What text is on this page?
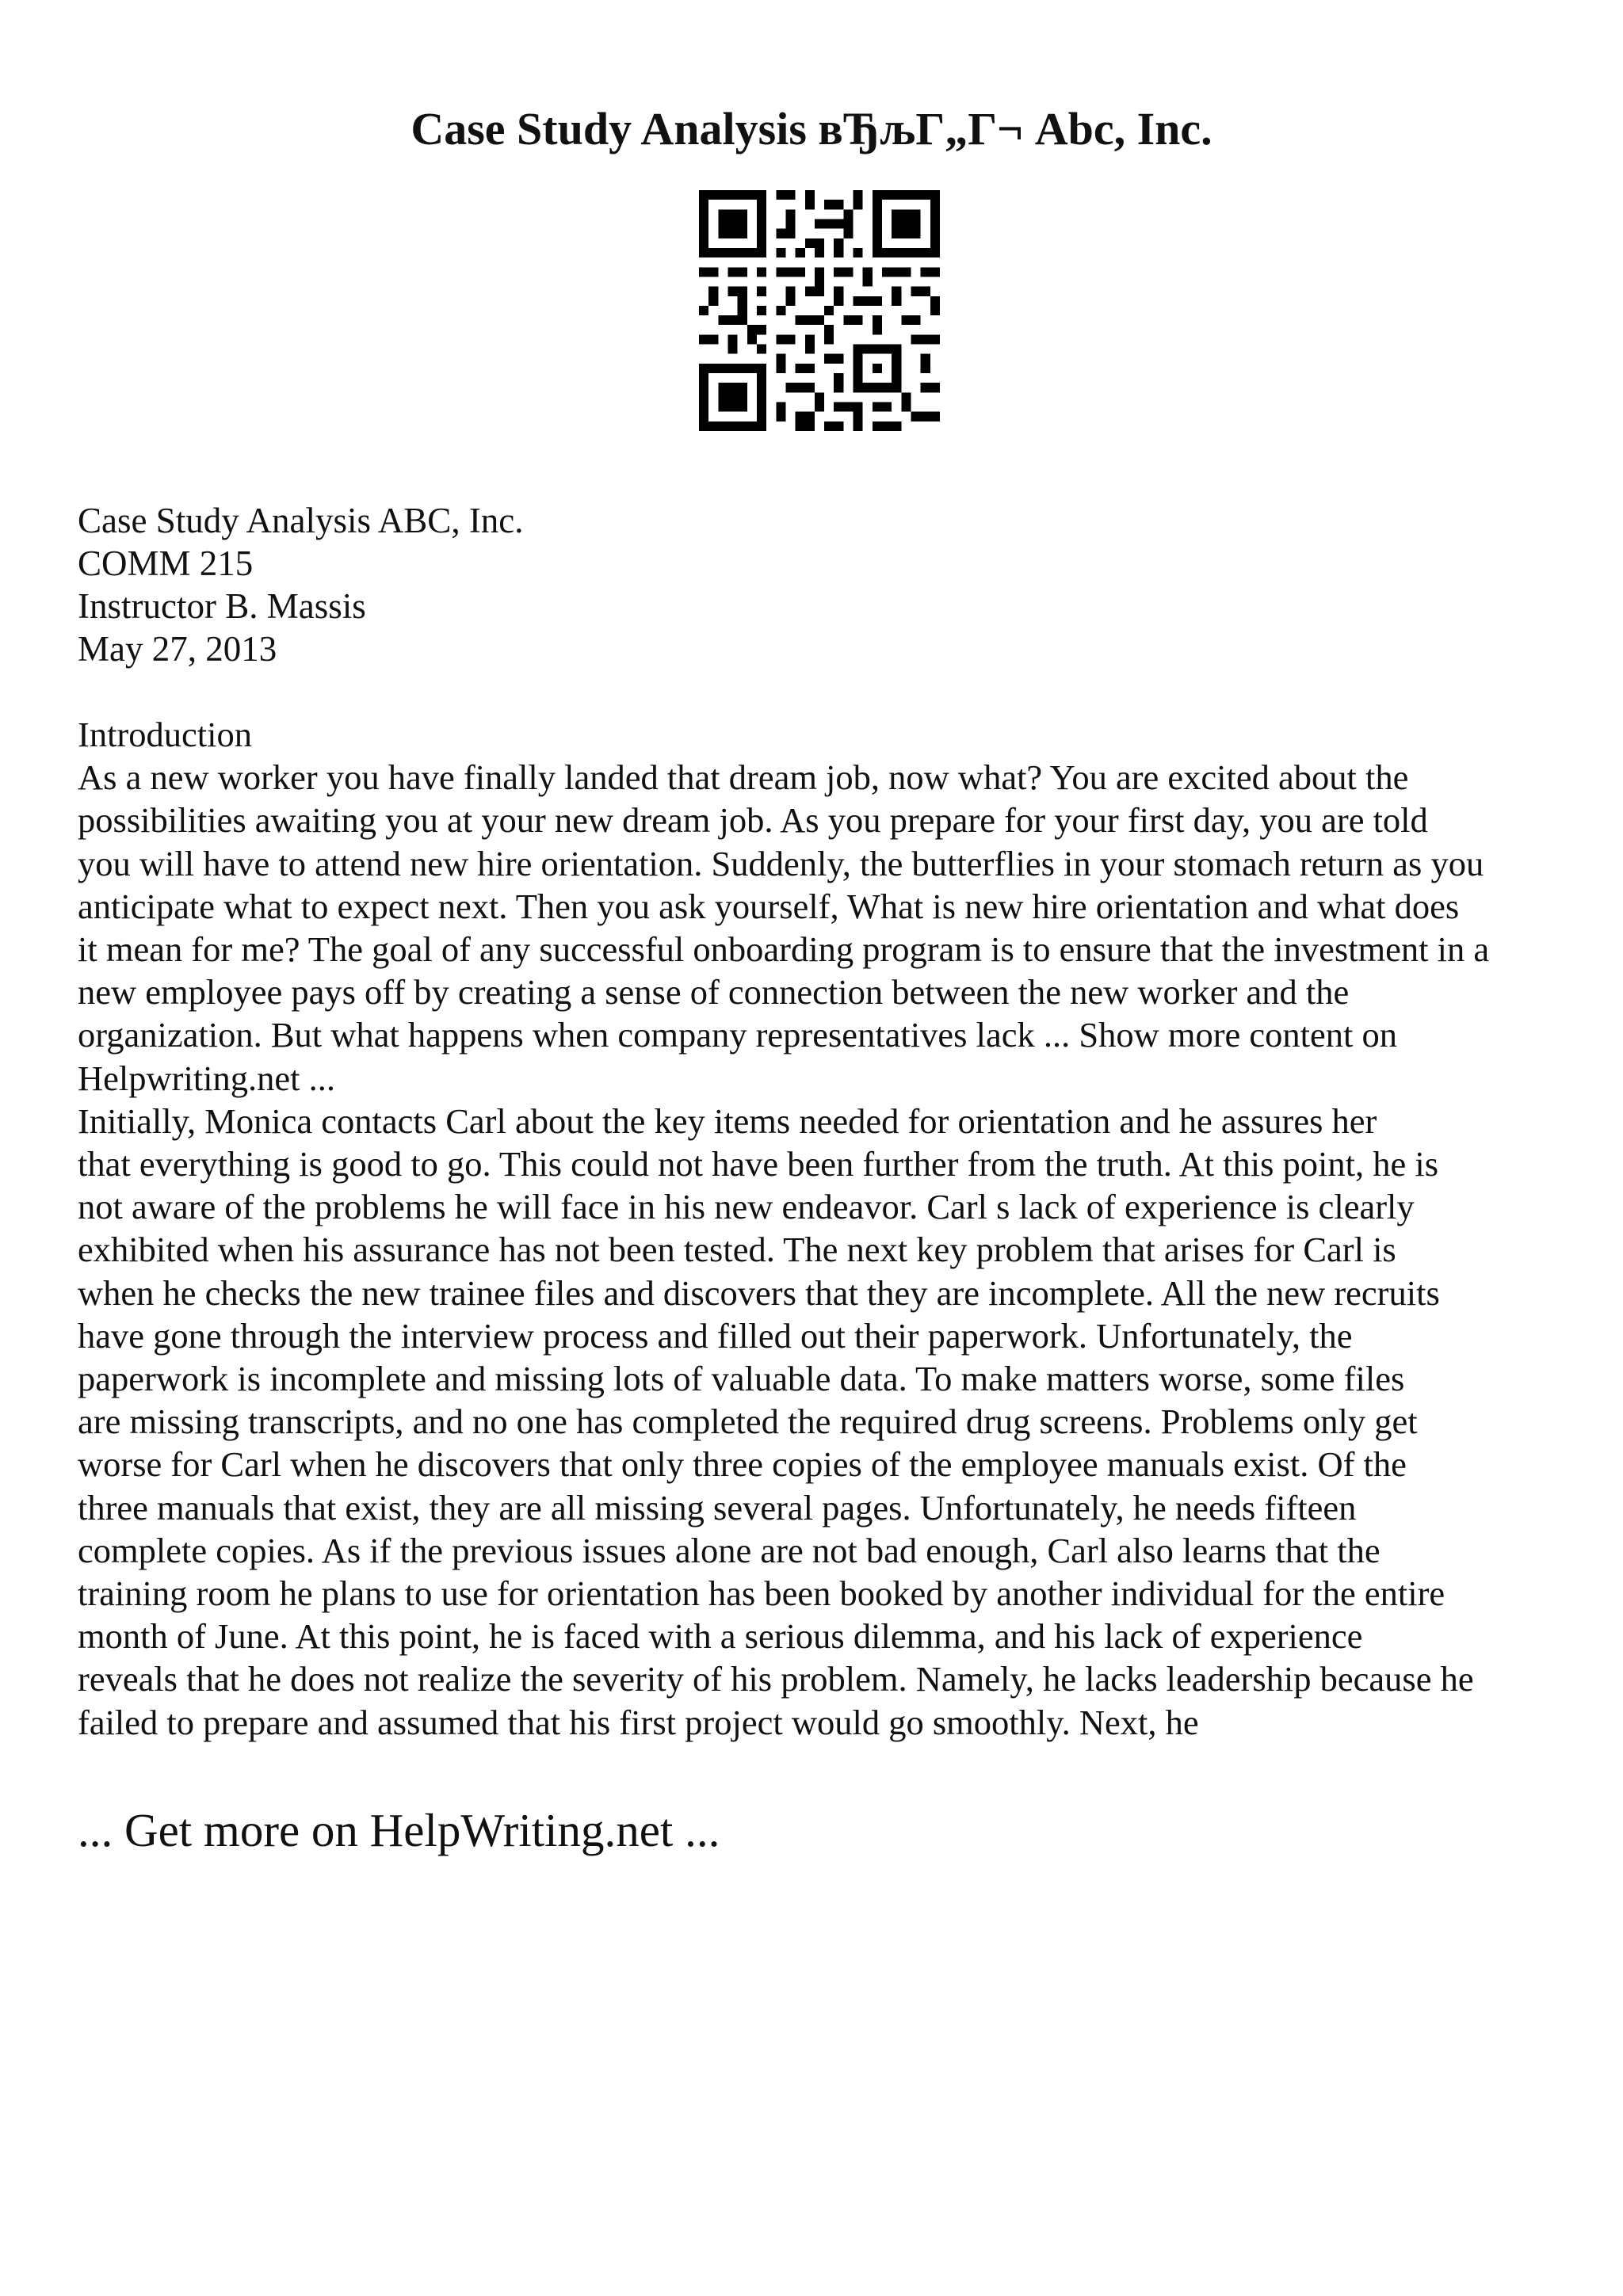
Case Study Analysis вЂљГ„Г¬ Abc, Inc.
Case Study Analysis ABC, Inc.
COMM 215
Instructor B. Massis
May 27, 2013
Introduction
As a new worker you have finally landed that dream job, now what? You are excited about the
possibilities awaiting you at your new dream job. As you prepare for your first day, you are told
you will have to attend new hire orientation. Suddenly, the butterflies in your stomach return as you
anticipate what to expect next. Then you ask yourself, What is new hire orientation and what does
it mean for me? The goal of any successful onboarding program is to ensure that the investment in a
new employee pays off by creating a sense of connection between the new worker and the
organization. But what happens when company representatives lack ... Show more content on
Helpwriting.net ...
Initially, Monica contacts Carl about the key items needed for orientation and he assures her
that everything is good to go. This could not have been further from the truth. At this point, he is
not aware of the problems he will face in his new endeavor. Carl s lack of experience is clearly
exhibited when his assurance has not been tested. The next key problem that arises for Carl is
when he checks the new trainee files and discovers that they are incomplete. All the new recruits
have gone through the interview process and filled out their paperwork. Unfortunately, the
paperwork is incomplete and missing lots of valuable data. To make matters worse, some files
are missing transcripts, and no one has completed the required drug screens. Problems only get
worse for Carl when he discovers that only three copies of the employee manuals exist. Of the
three manuals that exist, they are all missing several pages. Unfortunately, he needs fifteen
complete copies. As if the previous issues alone are not bad enough, Carl also learns that the
training room he plans to use for orientation has been booked by another individual for the entire
month of June. At this point, he is faced with a serious dilemma, and his lack of experience
reveals that he does not realize the severity of his problem. Namely, he lacks leadership because he
failed to prepare and assumed that his first project would go smoothly. Next, he
... Get more on HelpWriting.net ...
